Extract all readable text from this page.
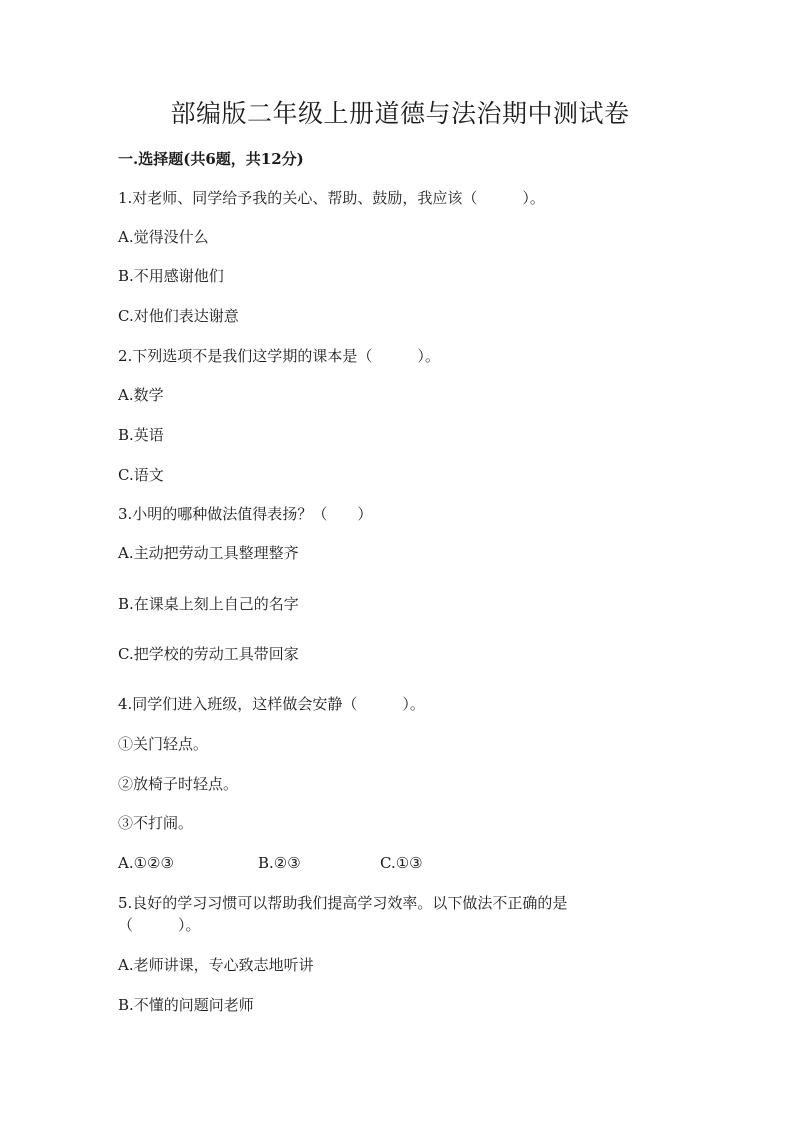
部编版二年级上册道德与法治期中测试卷
一.选择题(共6题，共12分)
1.对老师、同学给予我的关心、帮助、鼓励，我应该（　　　）。
A.觉得没什么
B.不用感谢他们
C.对他们表达谢意
2.下列选项不是我们这学期的课本是（　　　）。
A.数学
B.英语
C.语文
3.小明的哪种做法值得表扬？（　　）
A.主动把劳动工具整理整齐
B.在课桌上刻上自己的名字
C.把学校的劳动工具带回家
4.同学们进入班级，这样做会安静（　　　）。
①关门轻点。
②放椅子时轻点。
③不打闹。
A.①②③	B.②③	C.①③
5.良好的学习习惯可以帮助我们提高学习效率。以下做法不正确的是
（　　　）。
A.老师讲课，专心致志地听讲
B.不懂的问题问老师
